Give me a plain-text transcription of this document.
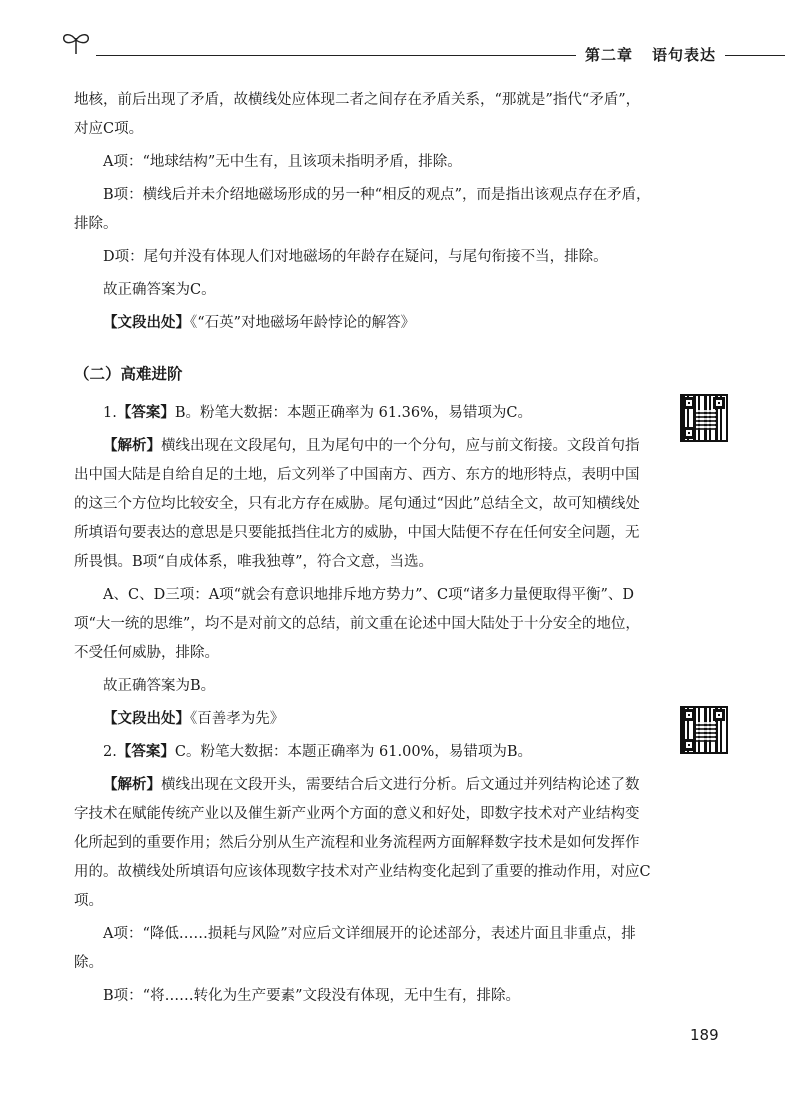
第二章 语句表达

地核，前后出现了矛盾，故横线处应体现二者之间存在矛盾关系，“那就是”指代“矛盾”，对应C项。

A项：“地球结构”无中生有，且该项未指明矛盾，排除。

B项：横线后并未介绍地磁场形成的另一种“相反的观点”，而是指出该观点存在矛盾，排除。

D项：尾句并没有体现人们对地磁场的年龄存在疑问，与尾句衔接不当，排除。

故正确答案为C。

【文段出处】《“石英”对地磁场年龄悖论的解答》

（二）高难进阶

1.【答案】B。粉笔大数据：本题正确率为 61.36%，易错项为C。

【解析】横线出现在文段尾句，且为尾句中的一个分句，应与前文衔接。文段首句指出中国大陆是自给自足的土地，后文列举了中国南方、西方、东方的地形特点，表明中国的这三个方位均比较安全，只有北方存在威胁。尾句通过“因此”总结全文，故可知横线处所填语句要表达的意思是只要能抵挡住北方的威胁，中国大陆便不存在任何安全问题，无所畏惧。B项“自成体系，唯我独尊”，符合文意，当选。

A、C、D三项：A项“就会有意识地排斥地方势力”、C项“诸多力量便取得平衡”、D项“大一统的思维”，均不是对前文的总结，前文重在论述中国大陆处于十分安全的地位，不受任何威胁，排除。

故正确答案为B。

【文段出处】《百善孝为先》

2.【答案】C。粉笔大数据：本题正确率为 61.00%，易错项为B。

【解析】横线出现在文段开头，需要结合后文进行分析。后文通过并列结构论述了数字技术在赋能传统产业以及催生新产业两个方面的意义和好处，即数字技术对产业结构变化所起到的重要作用；然后分别从生产流程和业务流程两方面解释数字技术是如何发挥作用的。故横线处所填语句应该体现数字技术对产业结构变化起到了重要的推动作用，对应C项。

A项：“降低……损耗与风险”对应后文详细展开的论述部分，表述片面且非重点，排除。

B项：“将……转化为生产要素”文段没有体现，无中生有，排除。

189
